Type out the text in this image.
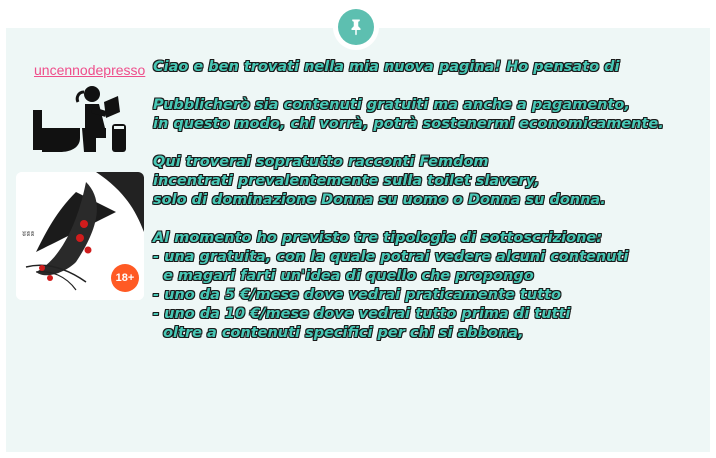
uncennodepresso
ʬʬʬ
18+
Ciao e ben trovati nella mia nuova pagina! Ho pensato di
Pubblicherò sia contenuti gratuiti ma anche a pagamento,
in questo modo, chi vorrà, potrà sostenermi economicamente.
Qui troverai sopratutto racconti Femdom
incentrati prevalentemente sulla toilet slavery,
solo di dominazione Donna su uomo o Donna su donna.
Al momento ho previsto tre tipologie di sottoscrizione:
- una gratuita, con la quale potrai vedere alcuni contenuti
e magari farti un'idea di quello che propongo
- uno da 5 €/mese dove vedrai praticamente tutto
- uno da 10 €/mese dove vedrai tutto prima di tutti
oltre a contenuti specifici per chi si abbona,
